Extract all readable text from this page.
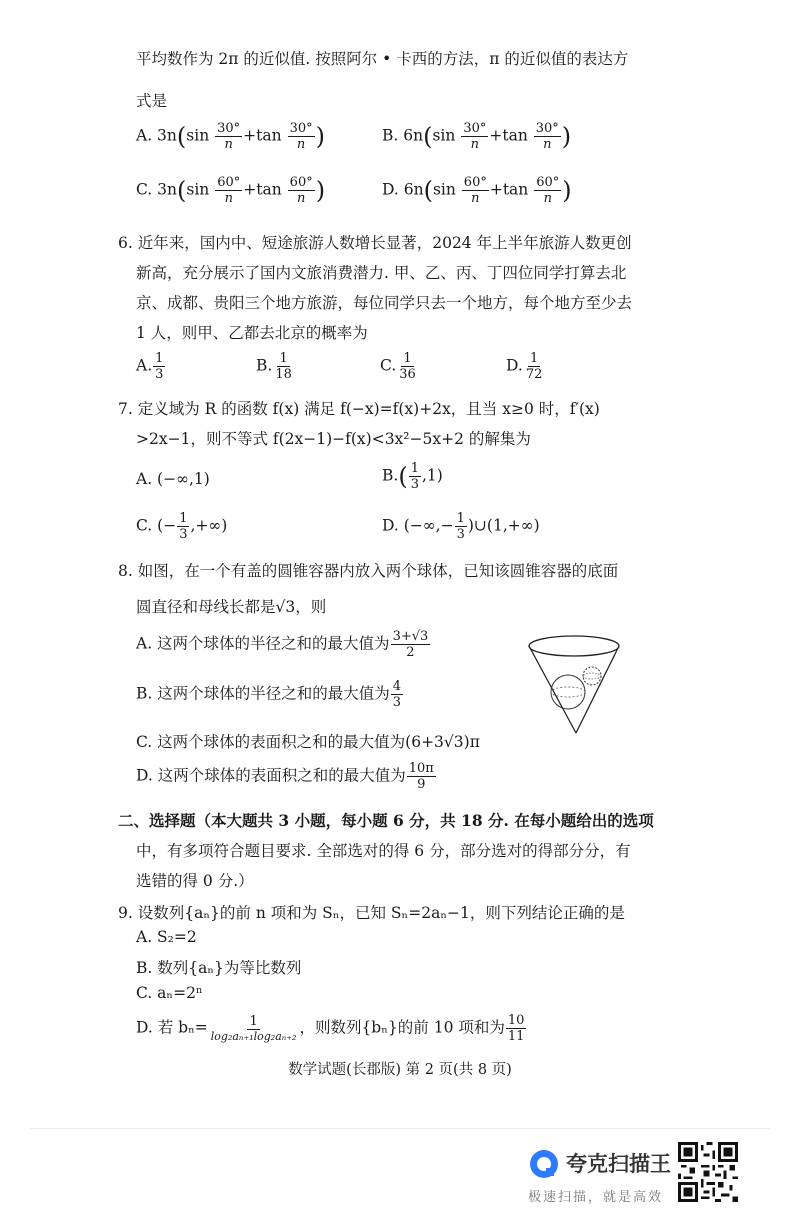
平均数作为 2π 的近似值. 按照阿尔 • 卡西的方法，π 的近似值的表达方
式是
A. $3n(\sin \frac{30^\circ}{n} +\tan \frac{30^\circ}{n}$ )	B. $6n(\sin \frac{30^\circ}{n} +\tan \frac{30^\circ}{n}$ )
C. $3n(\sin \frac{60^\circ}{n} +\tan \frac{60^\circ}{n}$ )	D. $6n(\sin \frac{60^\circ}{n} +\tan \frac{60^\circ}{n}$ )
6. 近年来，国内中、短途旅游人数增长显著，2024 年上半年旅游人数更创
新高，充分展示了国内文旅消费潜力. 甲、乙、丙、丁四位同学打算去北
京、成都、贵阳三个地方旅游，每位同学只去一个地方，每个地方至少去
1 人，则甲、乙都去北京的概率为
A. $\frac{1}{3}$	B. $\frac{1}{18}$	C. $\frac{1}{36}$	D. $\frac{1}{72}$
7. 定义域为 R 的函数 f(x) 满足 f(−x)=f(x)+2x，且当 x≥0 时，f′(x)
>2x−1，则不等式 f(2x−1)−f(x)<3x²−5x+2 的解集为
A. (−∞,1)	$B.( \frac{1}{3} ,1)$
C. (− $\frac{1}{3}$ ,+∞)	D. (−∞,− $\frac{1}{3}$ )∪(1,+∞)
8. 如图，在一个有盖的圆锥容器内放入两个球体，已知该圆锥容器的底面
圆直径和母线长都是√3，则
A. 这两个球体的半径之和的最大值为 $\frac{3+√3}{2}$
B. 这两个球体的半径之和的最大值为 $\frac{4}{3}$
C. 这两个球体的表面积之和的最大值为(6+3√3)π
D. 这两个球体的表面积之和的最大值为 $\frac{10\pi}{9}$
二、选择题（本大题共 3 小题，每小题 6 分，共 18 分. 在每小题给出的选项
中，有多项符合题目要求. 全部选对的得 6 分，部分选对的得部分分，有
选错的得 0 分.）
9. 设数列{aₙ}的前 n 项和为 Sₙ，已知 Sₙ=2aₙ−1，则下列结论正确的是
A. S₂=2
B. 数列{aₙ}为等比数列
C. aₙ=2ⁿ
D. 若 $b_n= \frac{1}{\text{log₂aₙ₊₁log₂aₙ₊₂}}$ ，则数列{bₙ}的前 10 项和为 $\frac{10}{11}$
数学试题(长郡版) 第 2 页(共 8 页)
夸克扫描王
极速扫描，就是高效
